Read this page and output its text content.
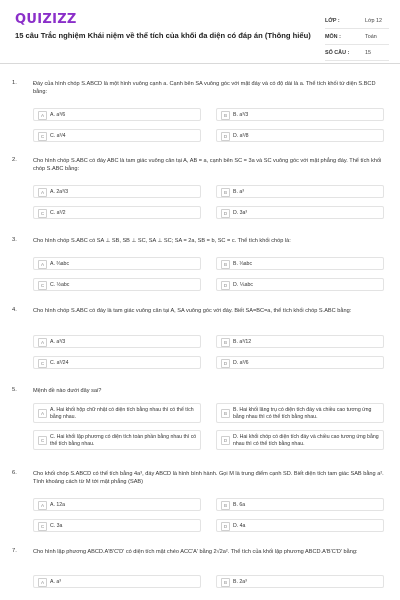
QUIZIZZ
15 câu Trắc nghiệm Khái niệm về thể tích của khối đa diện có đáp án (Thông hiểu)
LỚP :	Lớp 12
MÔN :	Toán
SỐ CÂU :	15
1.	Đáy của hình chóp S.ABCD là một hình vuông cạnh a. Cạnh bên SA vuông góc với mặt đáy và có độ dài là a. Thể tích khối tứ diện S.BCD bằng:
A	A. a³/6	B	B. a³/3
C	C. a³/4	D	D. a³/8
2.	Cho hình chóp S.ABC có đáy ABC là tam giác vuông cân tại A, AB = a, cạnh bên SC = 3a và SC vuông góc với mặt phẳng đáy. Thể tích khối chóp S.ABC bằng:
A	A. 2a³/3	B	B. a³
C	C. a³/2	D	D. 3a³
3.	Cho hình chóp S.ABC có SA ⊥ SB, SB ⊥ SC, SA ⊥ SC; SA = 2a, SB = b, SC = c. Thể tích khối chóp là:
A	A. ⅔abc	B	B. ⅓abc
C	C. ½abc	D	D. ⅙abc
4.	Cho hình chóp S.ABC có đáy là tam giác vuông cân tại A, SA vuông góc với đáy. Biết SA=BC=a, thể tích khối chóp S.ABC bằng:
A	A. a³/3	B	B. a³/12
C	C. a³/24	D	D. a³/6
5.	Mệnh đề nào dưới đây sai?
A
A. Hai khối hộp chữ nhật có diện tích bằng nhau thì có thể tích bằng nhau.
B
B. Hai khối lăng trụ có diện tích đáy và chiều cao tương ứng bằng nhau thì có thể tích bằng nhau.
C
C. Hai khối lập phương có diện tích toàn phần bằng nhau thì có thể tích bằng nhau.
D
D. Hai khối chóp có diện tích đáy và chiều cao tương ứng bằng nhau thì có thể tích bằng nhau.
6.	Cho khối chóp S.ABCD có thể tích bằng 4a³, đáy ABCD là hình bình hành. Gọi M là trung điểm cạnh SD. Biết diện tích tam giác SAB bằng a². Tính khoảng cách từ M tới mặt phẳng (SAB)
A	A. 12a	B	B. 6a
C	C. 3a	D	D. 4a
7.	Cho hình lập phương ABCD.A'B'C'D' có diện tích mặt chéo ACC'A' bằng 2√2a². Thể tích của khối lập phương ABCD.A'B'C'D' bằng:
A	A. a³	B	B. 2a³
